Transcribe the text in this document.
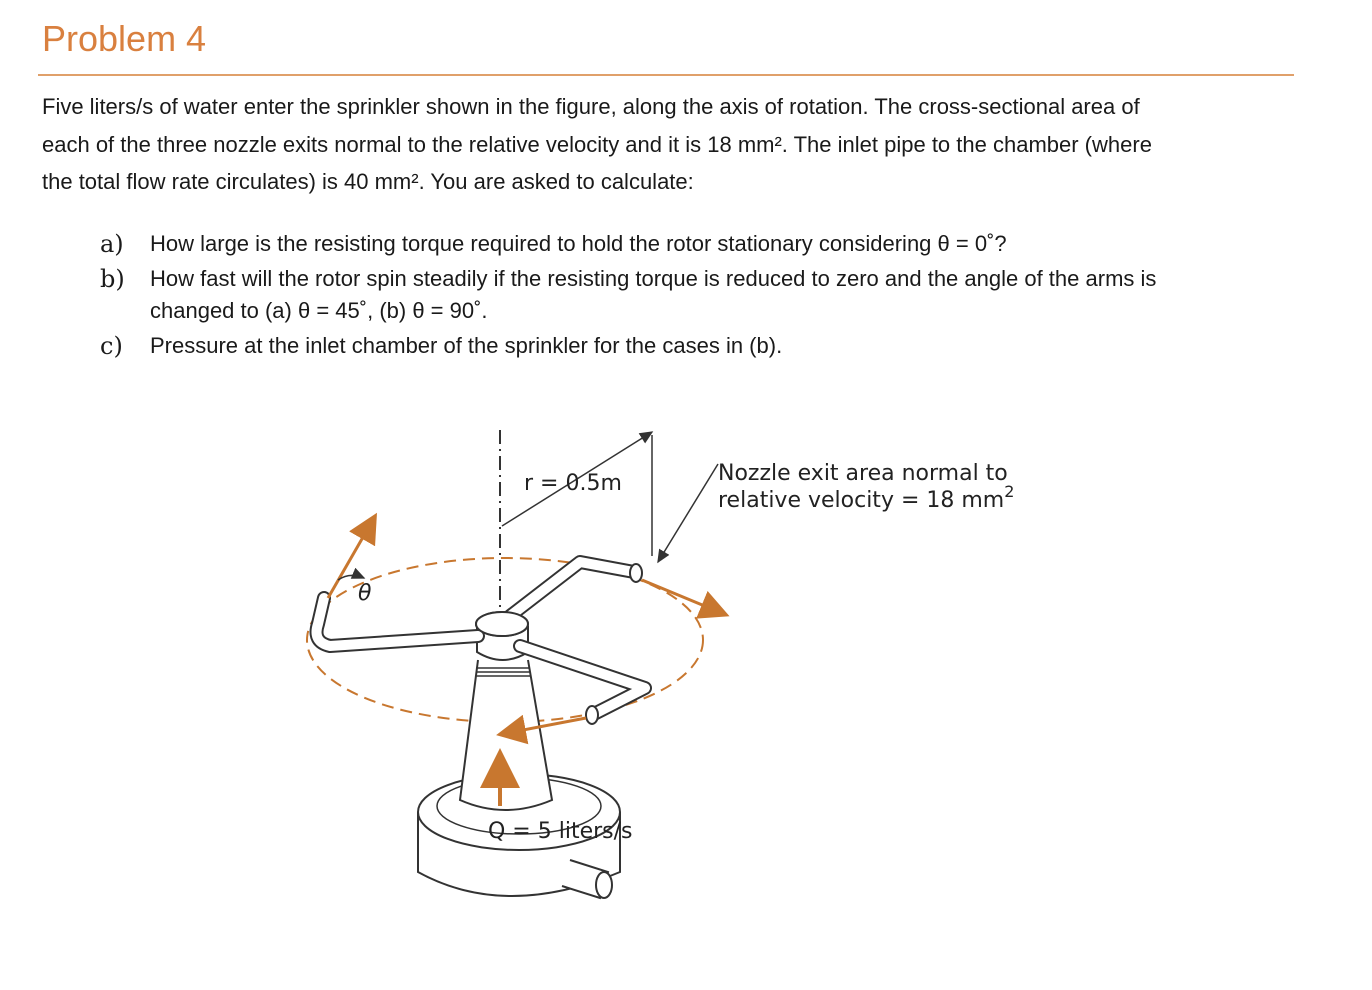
Problem 4
Five liters/s of water enter the sprinkler shown in the figure, along the axis of rotation. The cross-sectional area of
each of the three nozzle exits normal to the relative velocity and it is 18 mm². The inlet pipe to the chamber (where
the total flow rate circulates) is 40 mm². You are asked to calculate:
a)	How large is the resisting torque required to hold the rotor stationary considering θ = 0˚?
b)	How fast will the rotor spin steadily if the resisting torque is reduced to zero and the angle of the arms is
changed to (a) θ = 45˚, (b) θ = 90˚.
c)	Pressure at the inlet chamber of the sprinkler for the cases in (b).
r = 0.5m
θ
Q = 5 liters/s
Nozzle exit area normal to
relative velocity = 18 $mm^2$
